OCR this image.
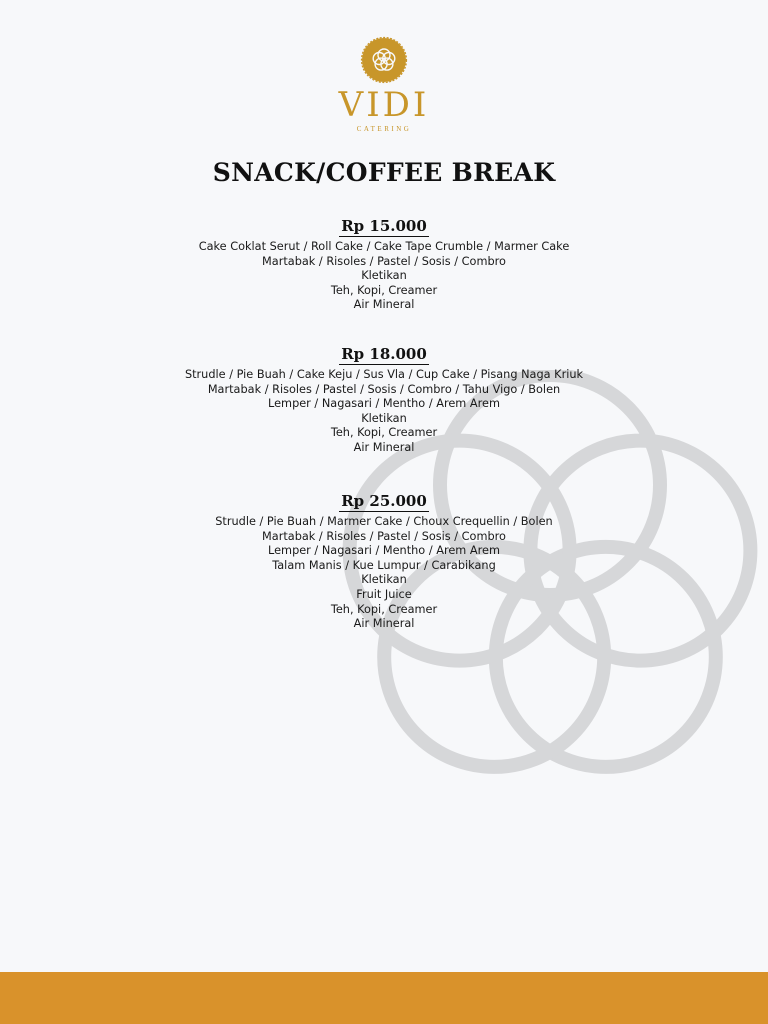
VIDI
CATERING
SNACK/COFFEE BREAK
Rp 15.000
Cake Coklat Serut / Roll Cake / Cake Tape Crumble / Marmer Cake
Martabak / Risoles / Pastel / Sosis / Combro
Kletikan
Teh, Kopi, Creamer
Air Mineral
Rp 18.000
Strudle / Pie Buah / Cake Keju / Sus Vla / Cup Cake / Pisang Naga Kriuk
Martabak / Risoles / Pastel / Sosis / Combro / Tahu Vigo / Bolen
Lemper / Nagasari / Mentho / Arem Arem
Kletikan
Teh, Kopi, Creamer
Air Mineral
Rp 25.000
Strudle / Pie Buah / Marmer Cake / Choux Crequellin / Bolen
Martabak / Risoles / Pastel / Sosis / Combro
Lemper / Nagasari / Mentho / Arem Arem
Talam Manis / Kue Lumpur / Carabikang
Kletikan
Fruit Juice
Teh, Kopi, Creamer
Air Mineral
